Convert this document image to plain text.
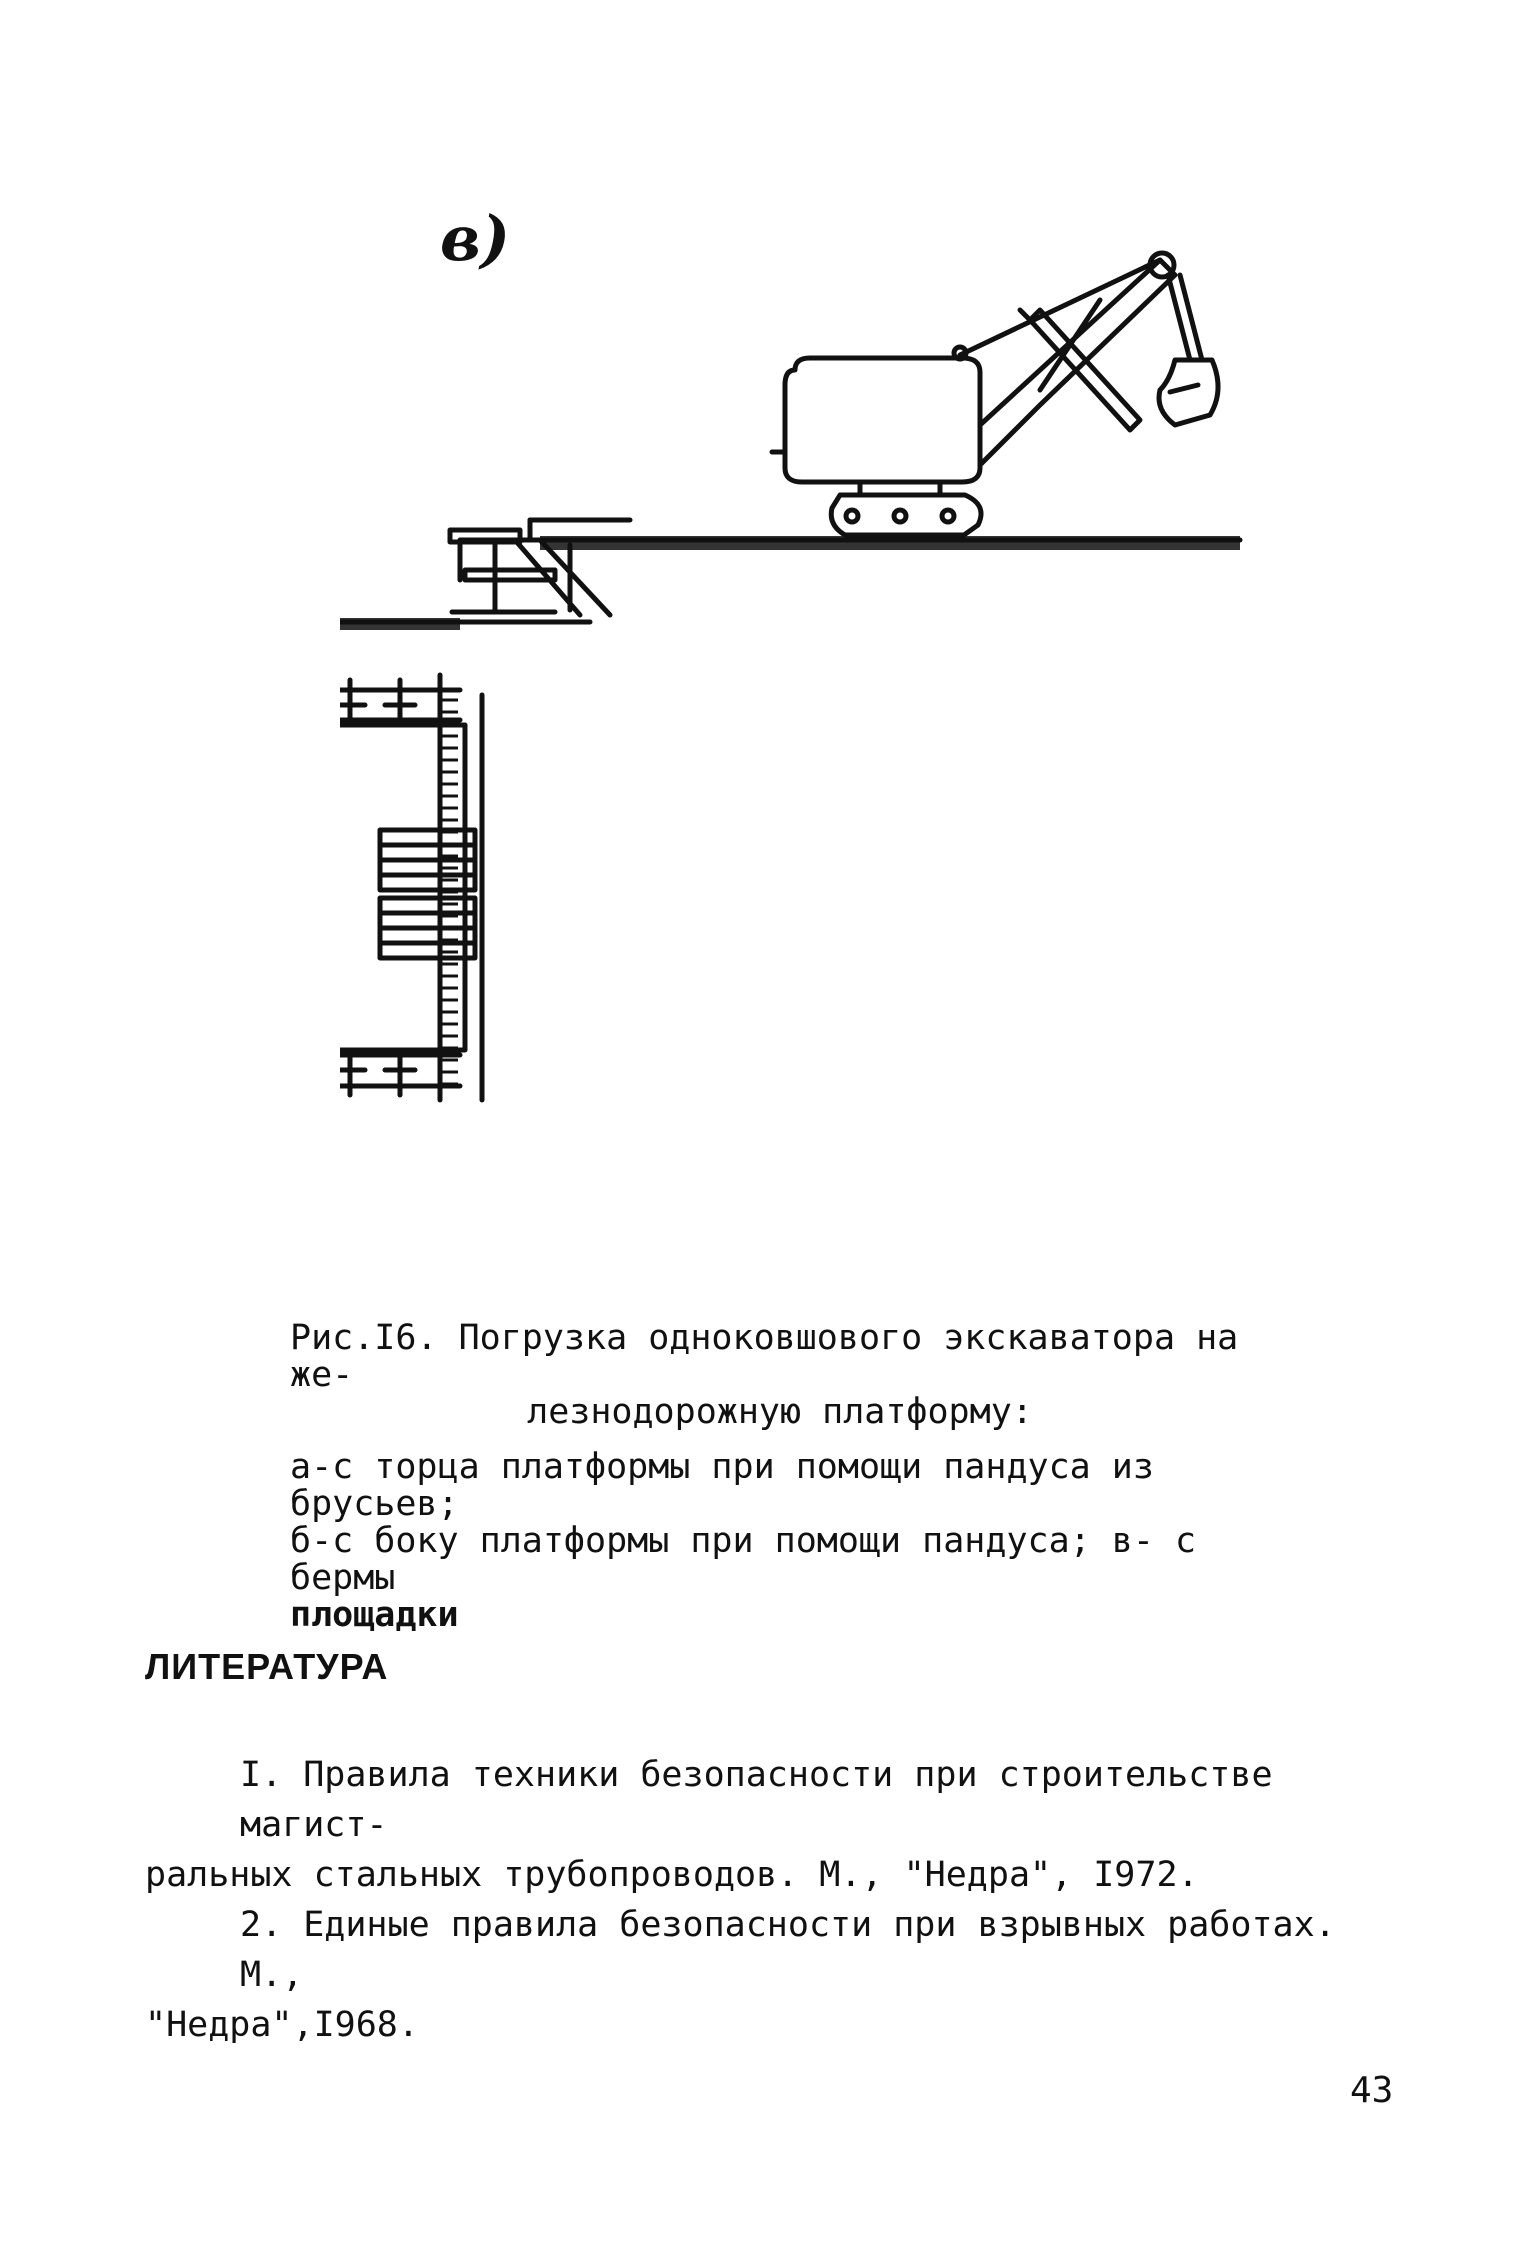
в)
Рис.I6. Погрузка одноковшового экскаватора на же-
лезнодорожную платформу:
а-с торца платформы при помощи пандуса из брусьев;
б-с боку платформы при помощи пандуса; в- с бермы
площадки
ЛИТЕРАТУРА
I. Правила техники безопасности при строительстве магист-
ральных стальных трубопроводов. М., "Недра", I972.
2. Единые правила безопасности при взрывных работах. М.,
"Недра",I968.
43
